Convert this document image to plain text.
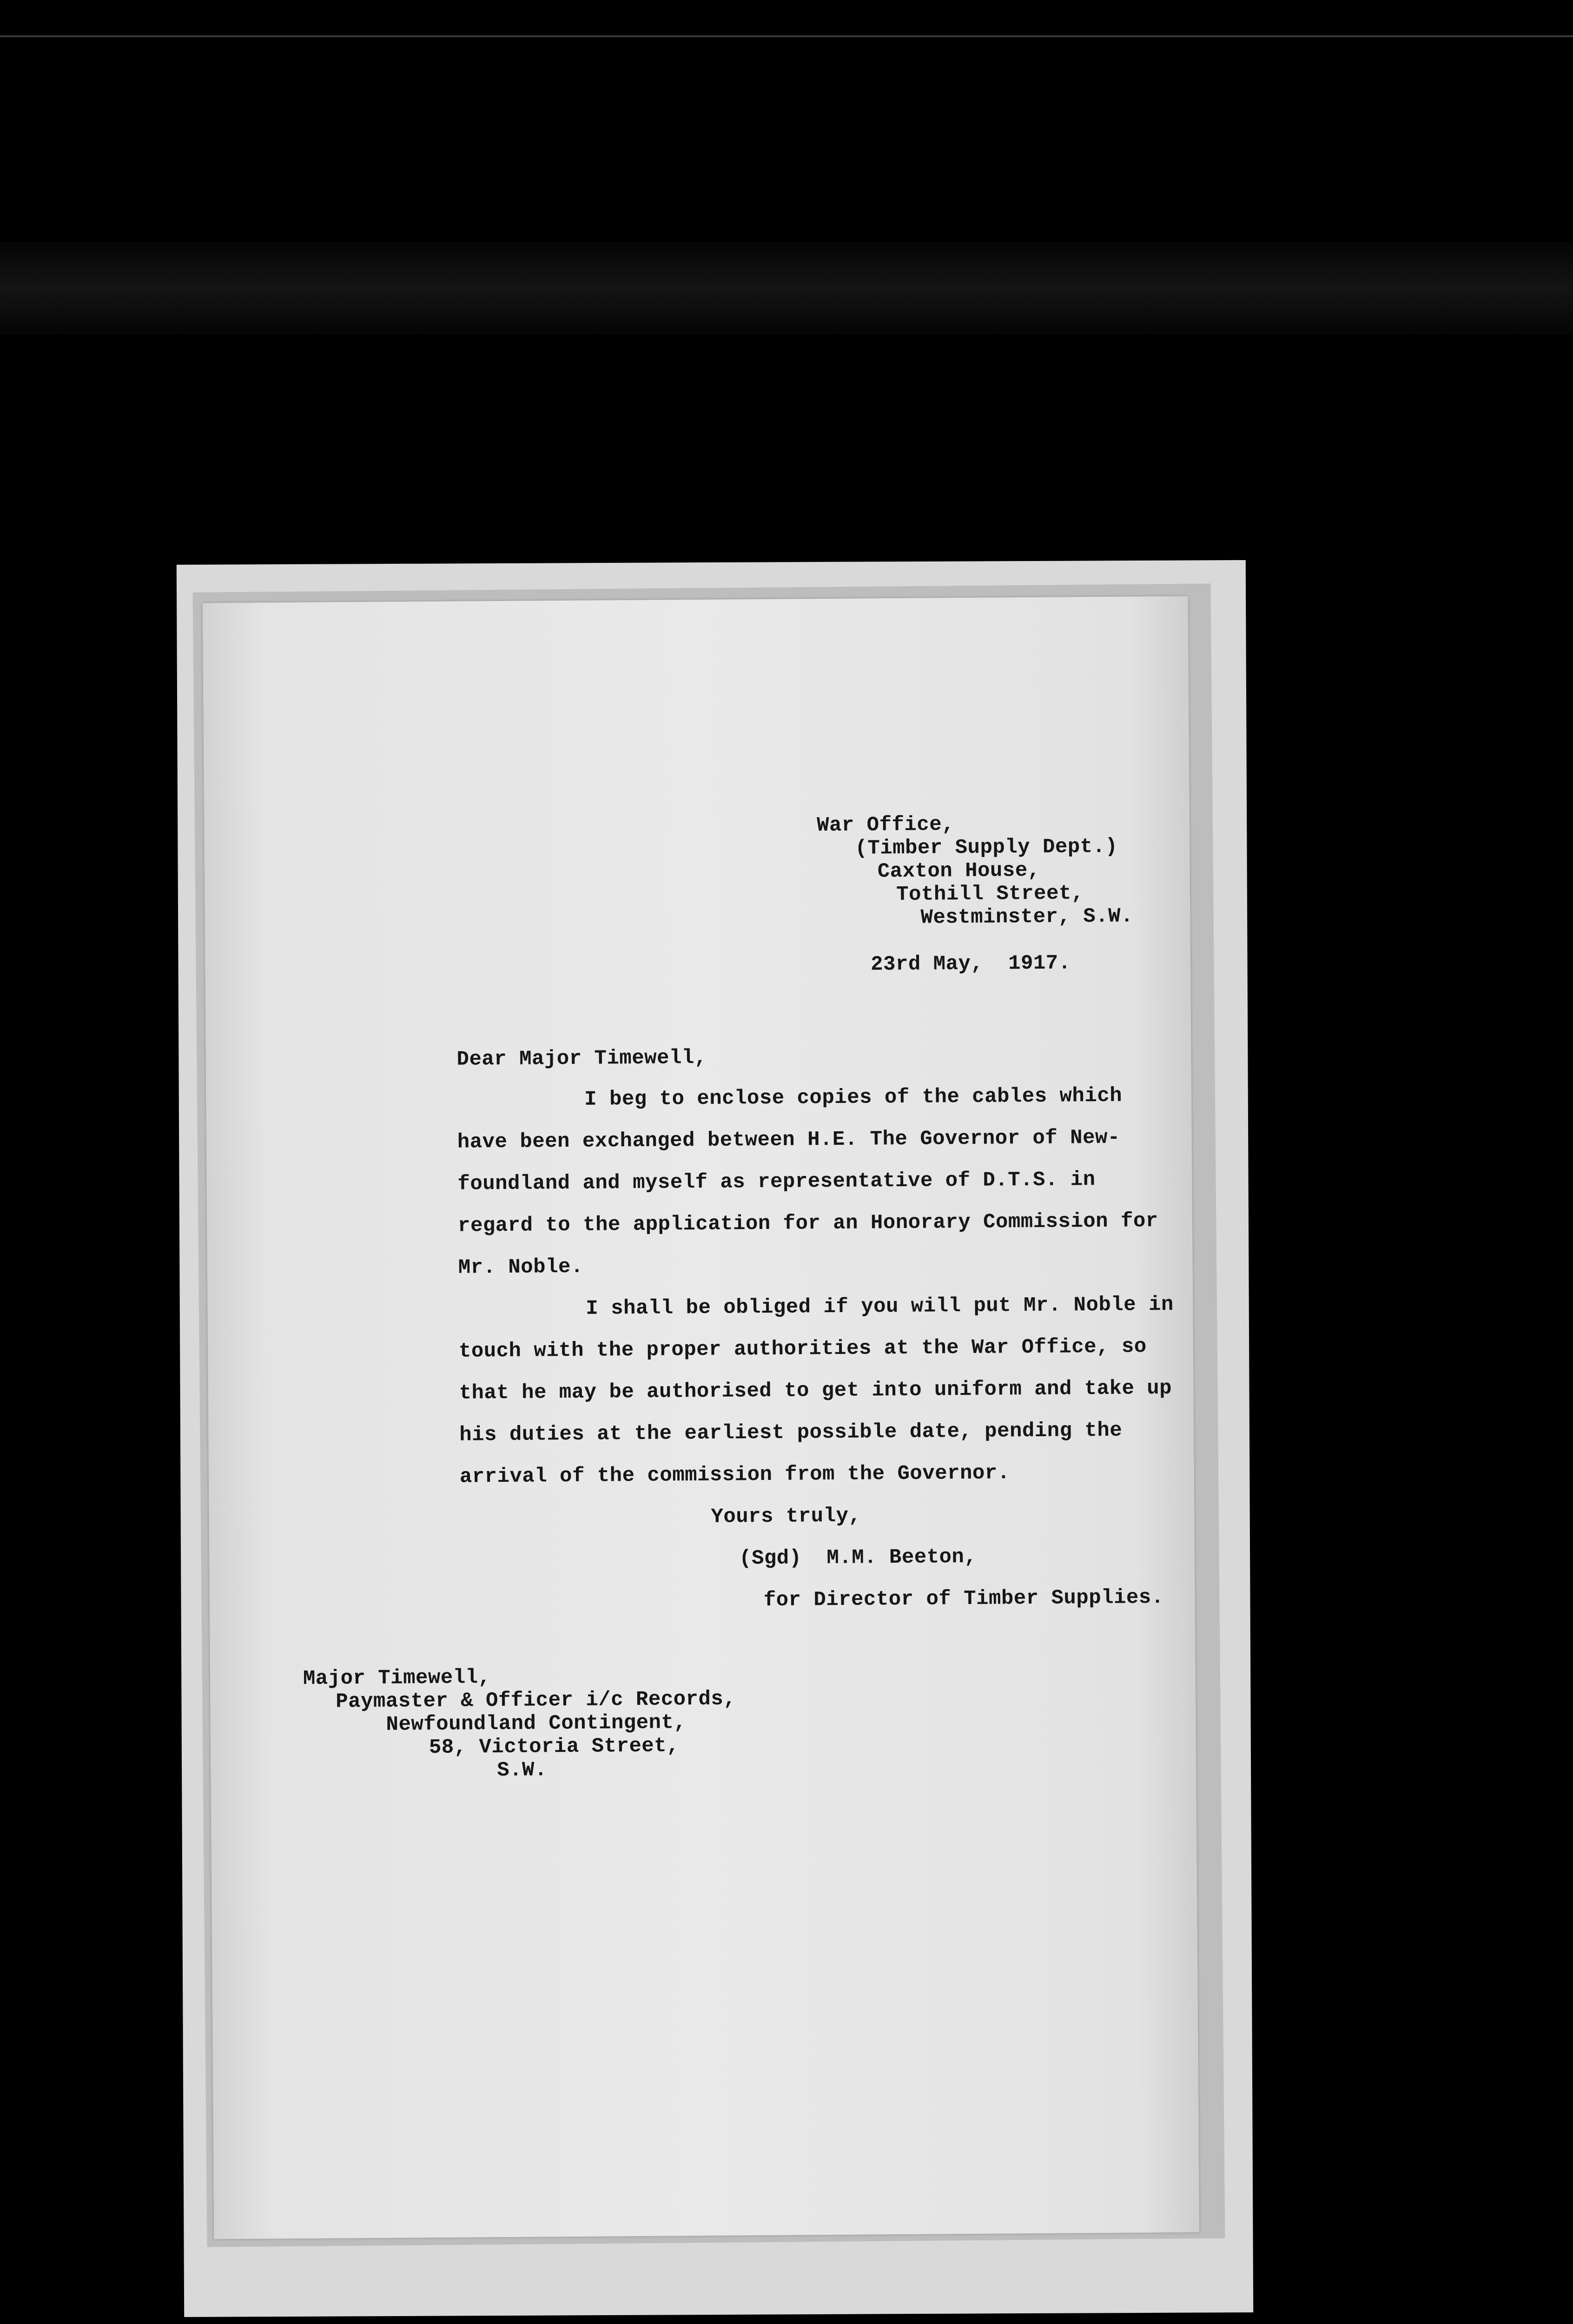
War Office,

(Timber Supply Dept.)

Caxton House,

Tothill Street,

Westminster, S.W.

23rd May,  1917.

Dear Major Timewell,

I beg to enclose copies of the cables which

have been exchanged between H.E. The Governor of New-

foundland and myself as representative of D.T.S. in

regard to the application for an Honorary Commission for

Mr. Noble.

I shall be obliged if you will put Mr. Noble in

touch with the proper authorities at the War Office, so

that he may be authorised to get into uniform and take up

his duties at the earliest possible date, pending the

arrival of the commission from the Governor.

Yours truly,

(Sgd)  M.M. Beeton,

for Director of Timber Supplies.

Major Timewell,

Paymaster & Officer i/c Records,

Newfoundland Contingent,

58, Victoria Street,

S.W.
